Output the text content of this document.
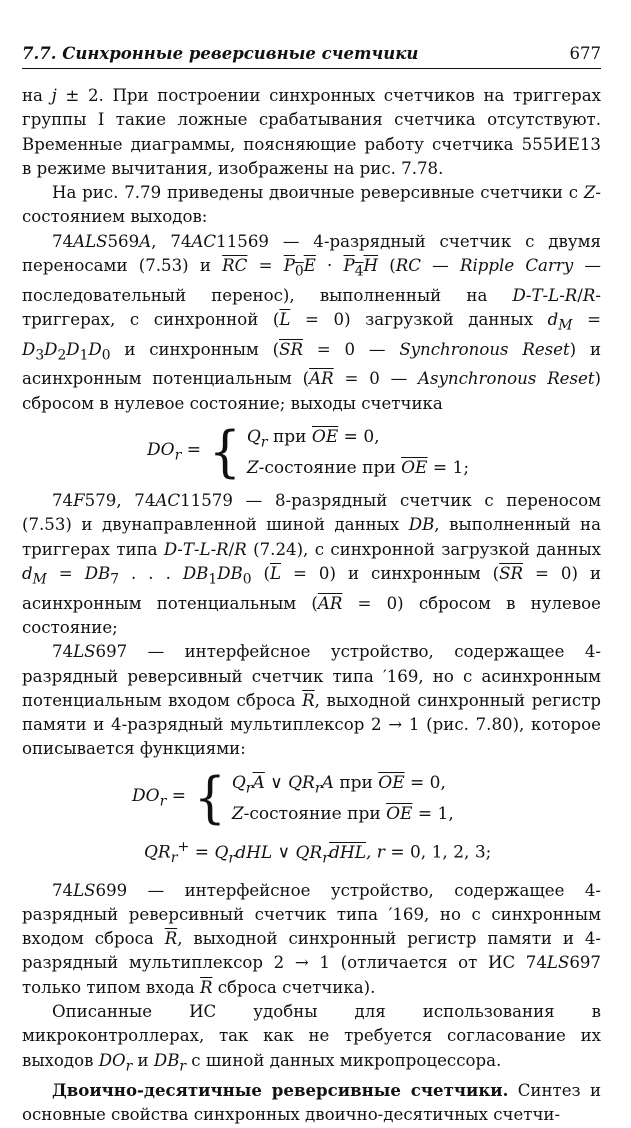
7.7. Синхронные реверсивные счетчики	677

на j ± 2. При построении синхронных счетчиков на триггерах группы I такие ложные срабатывания счетчика отсутствуют. Временные диаграммы, поясняющие работу счетчика 555ИЕ13 в режиме вычитания, изображены на рис. 7.78.

На рис. 7.79 приведены двоичные реверсивные счетчики с Z-состоянием выходов:

74ALS569A, 74AC11569 — 4-разрядный счетчик с двумя переносами (7.53) и $\overline{RC} = P_0E \cdot P_4H$ (RC — Ripple Carry — последовательный перенос), выполненный на D-T-L-R/R-триггерах, с синхронной $(\overline{L} = 0)$ загрузкой данных $d_M = D_3D_2D_1D_0$ и синхронным ($\overline{SR} = 0$ — Synchronous Reset) и асинхронным потенциальным ($\overline{AR} = 0$ — Asynchronous Reset) сбросом в нулевое состояние; выходы счетчика

$DO_r$ = { $Q_r$ при $\overline{OE} = 0$,
Z-состояние при $\overline{OE} = 1$;

74F579, 74AC11579 — 8-разрядный счетчик с переносом (7.53) и двунаправленной шиной данных DB, выполненный на триггерах типа D-T-L-R/R (7.24), с синхронной загрузкой данных $d_M = DB_7$ . . . $DB_1DB_0$ $(\overline{L} = 0)$ и синхронным $(\overline{SR} = 0)$ и асинхронным потенциальным $(\overline{AR} = 0)$ сбросом в нулевое состояние;

74LS697 — интерфейсное устройство, содержащее 4-разрядный реверсивный счетчик типа ′169, но с асинхронным потенциальным входом сброса $\overline{R}$, выходной синхронный регистр памяти и 4-разрядный мультиплексор 2 → 1 (рис. 7.80), которое описывается функциями:

$DO_r$ = { $Q_r\overline{A}$ ∨ $QR_rA$ при $\overline{OE} = 0$,
Z-состояние при $\overline{OE} = 1$,
$QR_r^+ = Q_rdHL$ ∨ $QR_r\overline{dHL}$, r = 0, 1, 2, 3;

74LS699 — интерфейсное устройство, содержащее 4-разрядный реверсивный счетчик типа ′169, но с синхронным входом сброса $\overline{R}$, выходной синхронный регистр памяти и 4-разрядный мультиплексор 2 → 1 (отличается от ИС 74LS697 только типом входа $\overline{R}$ сброса счетчика).

Описанные ИС удобны для использования в микроконтроллерах, так как не требуется согласование их выходов $DO_r$ и $DB_r$ с шиной данных микропроцессора.

Двоично-десятичные реверсивные счетчики. Синтез и основные свойства синхронных двоично-десятичных счетчи-
